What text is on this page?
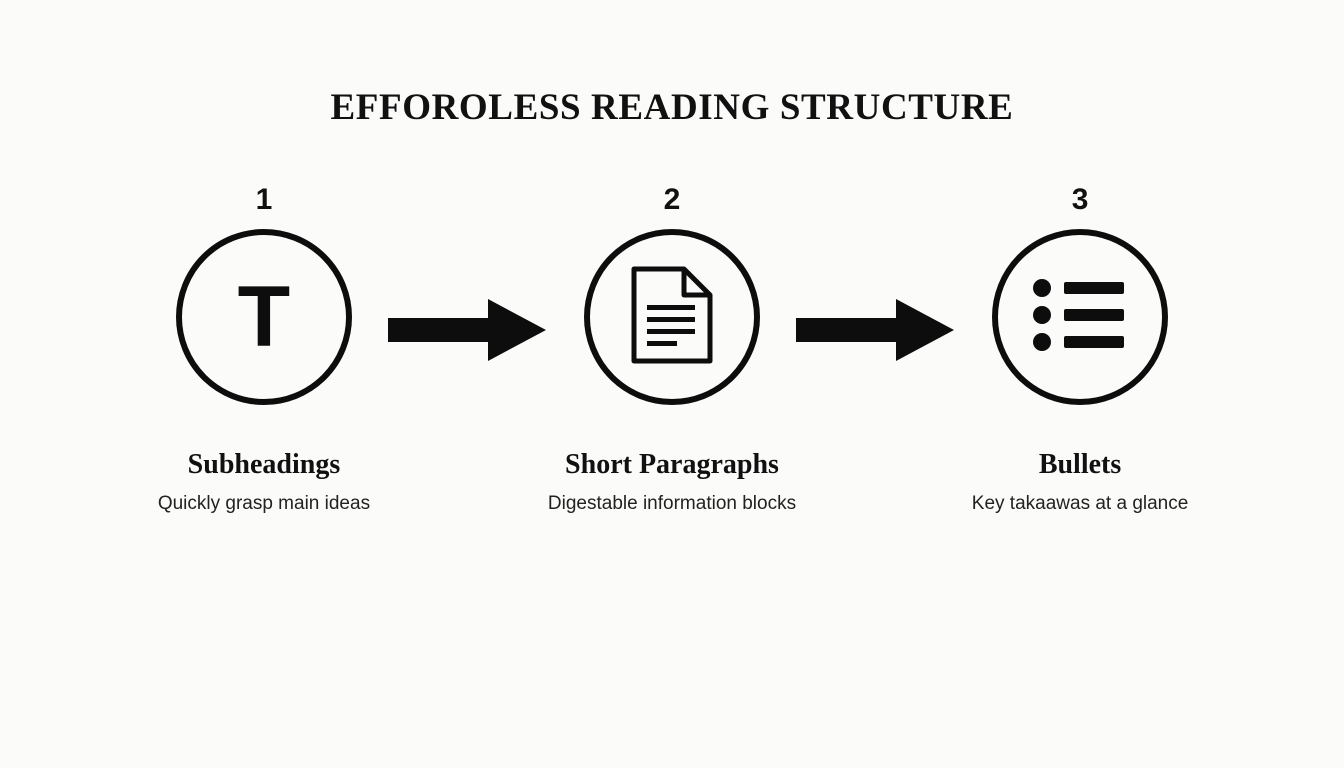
EFFOROLESS READING STRUCTURE
1
T
Subheadings
Quickly grasp main ideas
2
Short Paragraphs
Digestable information blocks
3
Bullets
Key takaawas at a glance
